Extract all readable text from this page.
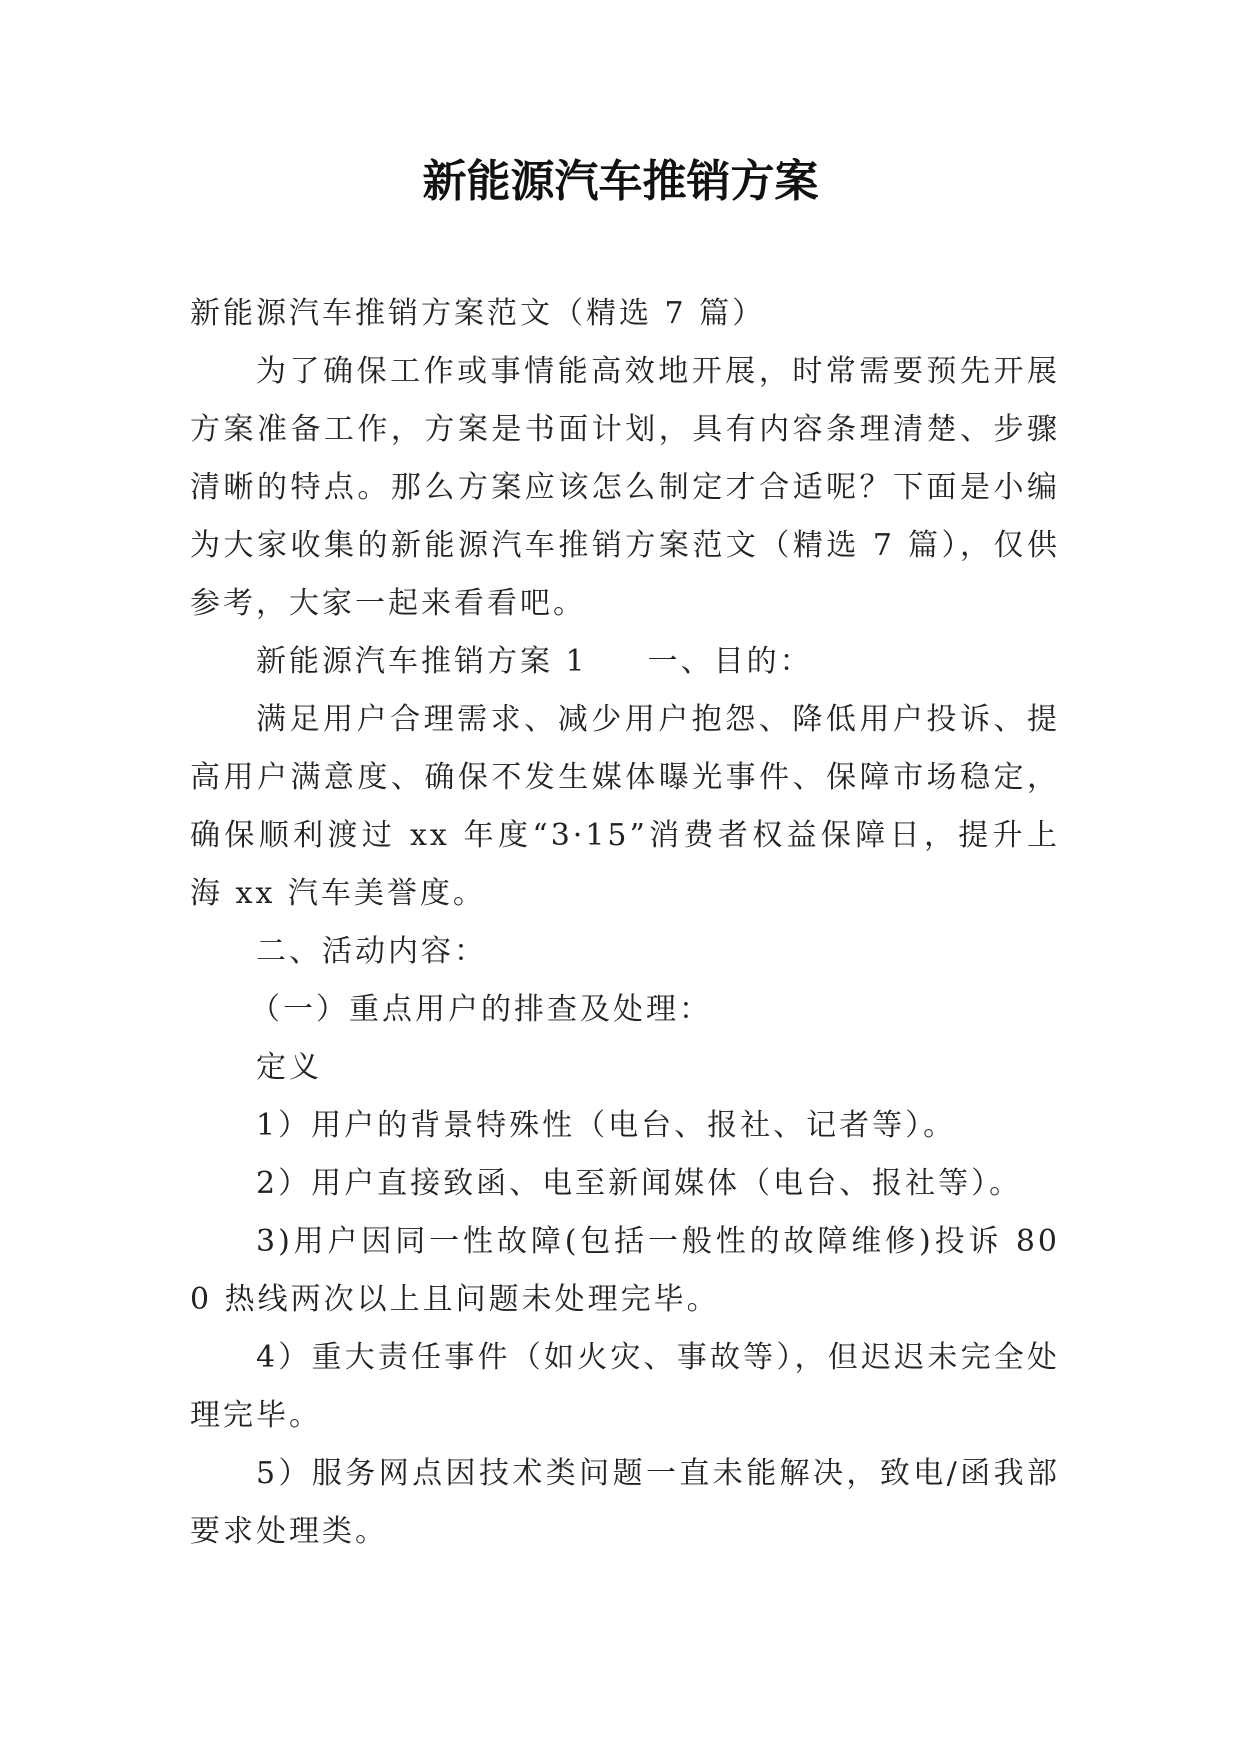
新能源汽车推销方案

新能源汽车推销方案范文（精选 7 篇）

为了确保工作或事情能高效地开展，时常需要预先开展方案准备工作，方案是书面计划，具有内容条理清楚、步骤清晰的特点。那么方案应该怎么制定才合适呢？下面是小编为大家收集的新能源汽车推销方案范文（精选 7 篇），仅供参考，大家一起来看看吧。

新能源汽车推销方案 1 一、目的：

满足用户合理需求、减少用户抱怨、降低用户投诉、提高用户满意度、确保不发生媒体曝光事件、保障市场稳定，确保顺利渡过 xx 年度“3·15”消费者权益保障日，提升上海 xx 汽车美誉度。

二、活动内容：

（一）重点用户的排查及处理：

定义

1）用户的背景特殊性（电台、报社、记者等）。

2）用户直接致函、电至新闻媒体（电台、报社等）。

3)用户因同一性故障(包括一般性的故障维修)投诉 800 热线两次以上且问题未处理完毕。

4）重大责任事件（如火灾、事故等），但迟迟未完全处理完毕。

5）服务网点因技术类问题一直未能解决，致电/函我部要求处理类。
